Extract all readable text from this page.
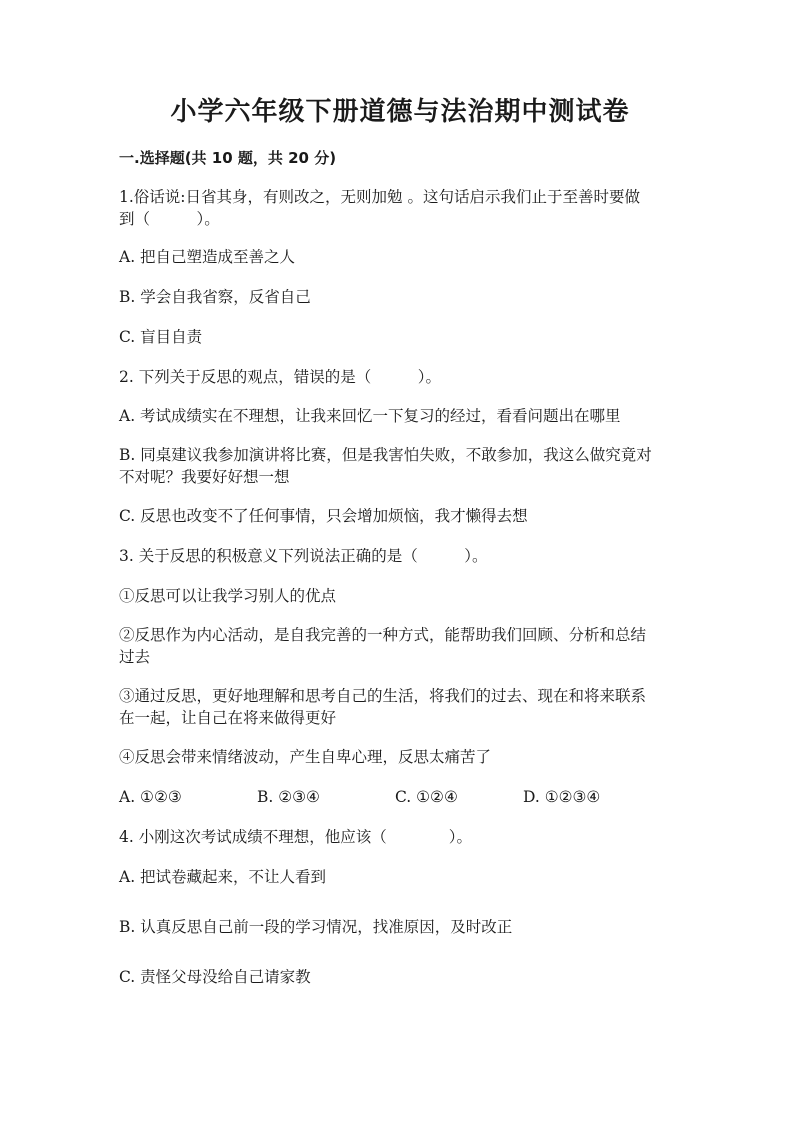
小学六年级下册道德与法治期中测试卷
一.选择题(共 10 题，共 20 分)
1.俗话说:日省其身，有则改之，无则加勉 。这句话启示我们止于至善时要做
到（　　　）。
A. 把自己塑造成至善之人
B. 学会自我省察，反省自己
C. 盲目自责
2. 下列关于反思的观点，错误的是（　　　）。
A. 考试成绩实在不理想，让我来回忆一下复习的经过，看看问题出在哪里
B. 同桌建议我参加演讲将比赛，但是我害怕失败，不敢参加，我这么做究竟对
不对呢？我要好好想一想
C. 反思也改变不了任何事情，只会增加烦恼，我才懒得去想
3. 关于反思的积极意义下列说法正确的是（　　　）。
①反思可以让我学习别人的优点
②反思作为内心活动，是自我完善的一种方式，能帮助我们回顾、分析和总结
过去
③通过反思，更好地理解和思考自己的生活，将我们的过去、现在和将来联系
在一起，让自己在将来做得更好
④反思会带来情绪波动，产生自卑心理，反思太痛苦了
A. ①②③	B. ②③④	C. ①②④	D. ①②③④
4. 小刚这次考试成绩不理想，他应该（　　　　）。
A. 把试卷藏起来，不让人看到
B. 认真反思自己前一段的学习情况，找准原因，及时改正
C. 责怪父母没给自己请家教
